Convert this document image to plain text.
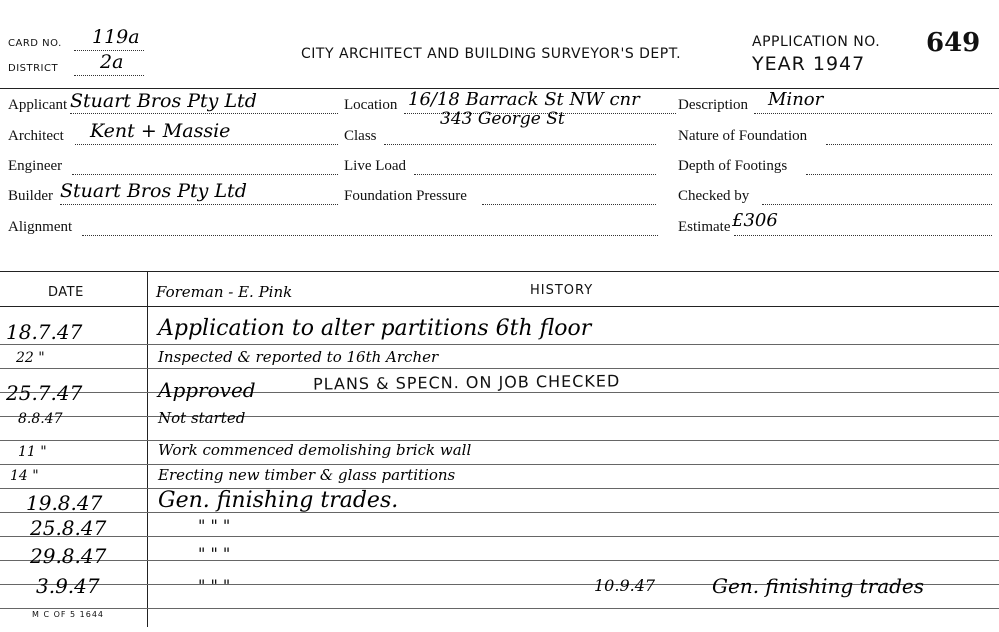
CARD NO. 119a
DISTRICT 2a	CITY ARCHITECT AND BUILDING SURVEYOR'S DEPT.
APPLICATION NO. 649
YEAR 1947
Applicant Stuart Bros Pty Ltd
Architect Kent + Massie
Engineer
Builder Stuart Bros Pty Ltd
Alignment
Location 16/18 Barrack St NW cnr
343 George St
Class
Live Load
Foundation Pressure
Description Minor
Nature of Foundation
Depth of Footings
Checked by
Estimate £306
DATE	Foreman - E. Pink	HISTORY
18.7.47	Application to alter partitions 6th floor
22 "	Inspected & reported to 16th Archer
25.7.47	Approved	PLANS & SPECN. ON JOB CHECKED
8.8.47	Not started
11 "	Work commenced demolishing brick wall
14 "	Erecting new timber & glass partitions
19.8.47	Gen. finishing trades.
25.8.47	" " "
29.8.47	" " "
3.9.47	" " "	10.9.47	Gen. finishing trades
M C OF 5 1644
